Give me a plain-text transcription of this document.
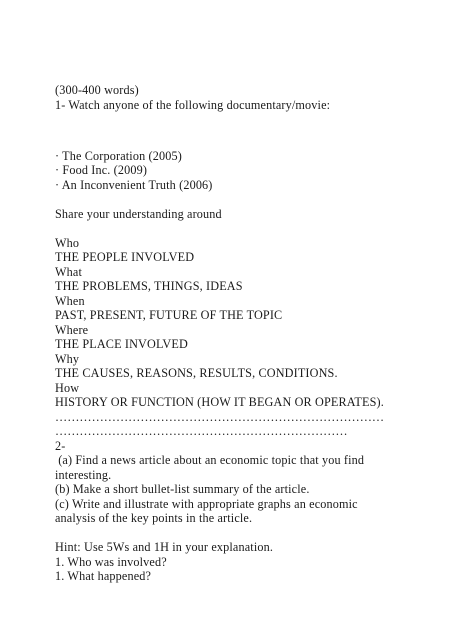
(300-400 words)
1- Watch anyone of the following documentary/movie:
· The Corporation (2005)
· Food Inc. (2009)
· An Inconvenient Truth (2006)
Share your understanding around
Who
THE PEOPLE INVOLVED
What
THE PROBLEMS, THINGS, IDEAS
When
PAST, PRESENT, FUTURE OF THE TOPIC
Where
THE PLACE INVOLVED
Why
THE CAUSES, REASONS, RESULTS, CONDITIONS.
How
HISTORY OR FUNCTION (HOW IT BEGAN OR OPERATES).
………………………………………………………………………
………………………………………………………………
2-
(a) Find a news article about an economic topic that you find
interesting.
(b) Make a short bullet-list summary of the article.
(c) Write and illustrate with appropriate graphs an economic
analysis of the key points in the article.
Hint: Use 5Ws and 1H in your explanation.
1. Who was involved?
1. What happened?
